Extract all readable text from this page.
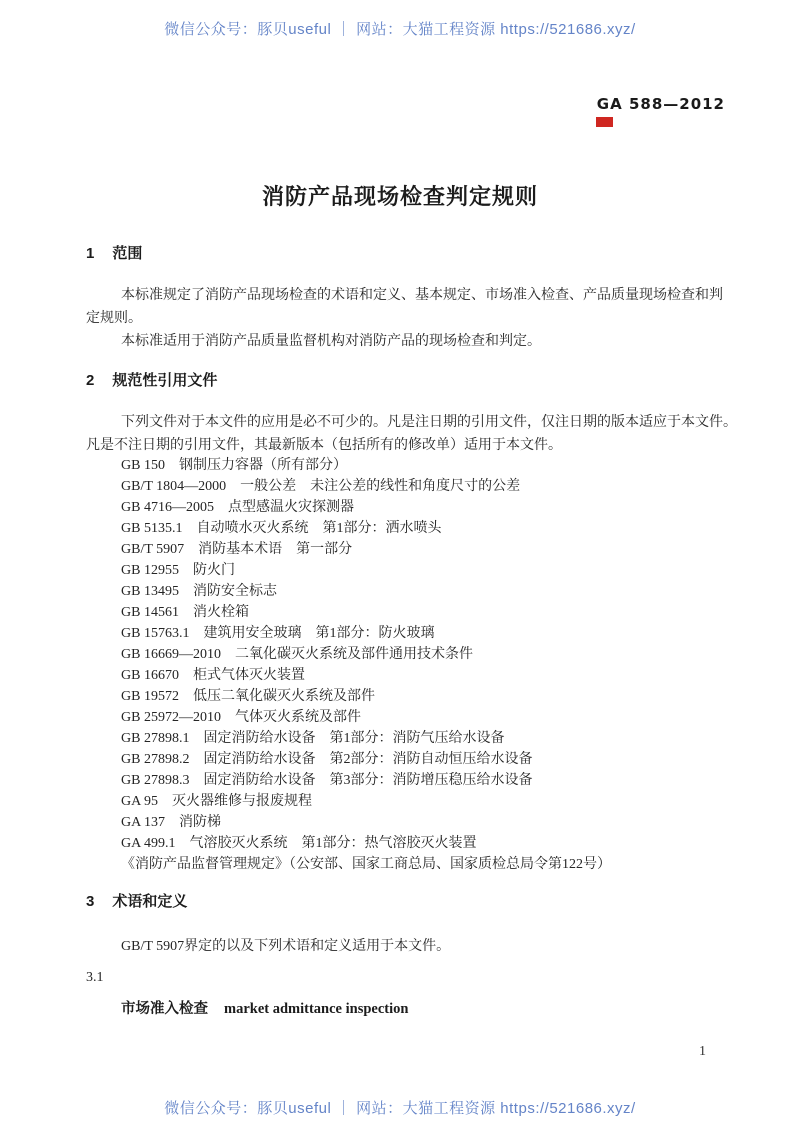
微信公众号：豚贝useful ｜ 网站：大猫工程资源 https://521686.xyz/
GA 588—2012
消防产品现场检查判定规则
1 范围
本标准规定了消防产品现场检查的术语和定义、基本规定、市场准入检查、产品质量现场检查和判
定规则。
本标准适用于消防产品质量监督机构对消防产品的现场检查和判定。
2 规范性引用文件
下列文件对于本文件的应用是必不可少的。凡是注日期的引用文件，仅注日期的版本适应于本文件。
凡是不注日期的引用文件，其最新版本（包括所有的修改单）适用于本文件。
GB 150　钢制压力容器（所有部分）
GB/T 1804—2000　一般公差　未注公差的线性和角度尺寸的公差
GB 4716—2005　点型感温火灾探测器
GB 5135.1　自动喷水灭火系统　第1部分：洒水喷头
GB/T 5907　消防基本术语　第一部分
GB 12955　防火门
GB 13495　消防安全标志
GB 14561　消火栓箱
GB 15763.1　建筑用安全玻璃　第1部分：防火玻璃
GB 16669—2010　二氧化碳灭火系统及部件通用技术条件
GB 16670　柜式气体灭火装置
GB 19572　低压二氧化碳灭火系统及部件
GB 25972—2010　气体灭火系统及部件
GB 27898.1　固定消防给水设备　第1部分：消防气压给水设备
GB 27898.2　固定消防给水设备　第2部分：消防自动恒压给水设备
GB 27898.3　固定消防给水设备　第3部分：消防增压稳压给水设备
GA 95　灭火器维修与报废规程
GA 137　消防梯
GA 499.1　气溶胶灭火系统　第1部分：热气溶胶灭火装置
《消防产品监督管理规定》（公安部、国家工商总局、国家质检总局令第122号）
3 术语和定义
GB/T 5907界定的以及下列术语和定义适用于本文件。
3.1
市场准入检查 market admittance inspection
1
微信公众号：豚贝useful ｜ 网站：大猫工程资源 https://521686.xyz/
